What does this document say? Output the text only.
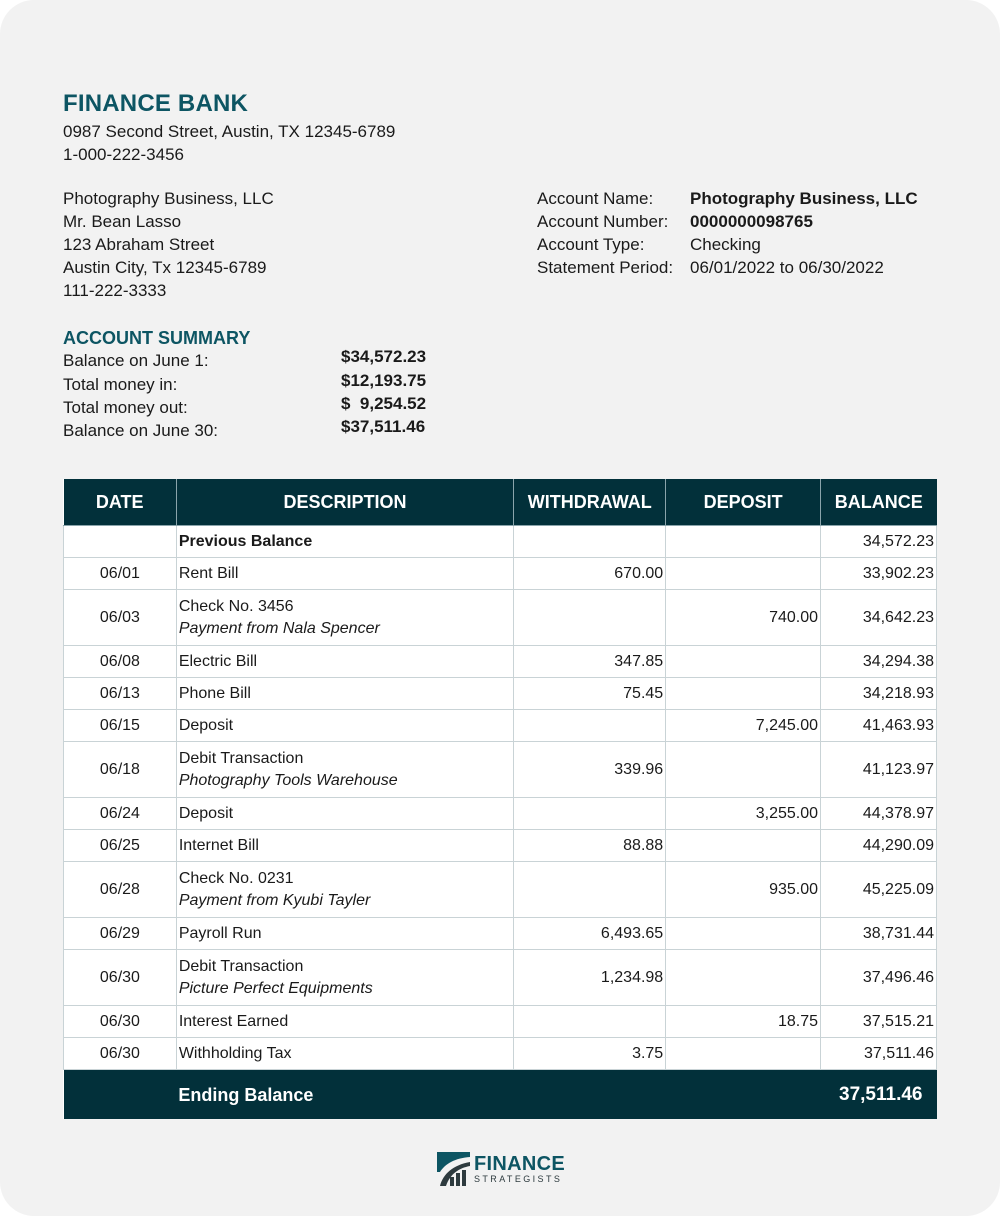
FINANCE BANK
0987 Second Street, Austin, TX 12345-6789
1-000-222-3456
Photography Business, LLC
Mr. Bean Lasso
123 Abraham Street
Austin City, Tx 12345-6789
111-222-3333
Account Name:	Photography Business, LLC
Account Number:	0000000098765
Account Type:	Checking
Statement Period: 06/01/2022 to 06/30/2022
ACCOUNT SUMMARY
Balance on June 1:	$34,572.23
Total money in:	$12,193.75
Total money out:	$  9,254.52
Balance on June 30:	$37,511.46
DATE	DESCRIPTION	WITHDRAWAL	DEPOSIT	BALANCE
	Previous Balance			34,572.23
06/01	Rent Bill	670.00		33,902.23
06/03	Check No. 3456
Payment from Nala Spencer		740.00	34,642.23
06/08	Electric Bill	347.85		34,294.38
06/13	Phone Bill	75.45		34,218.93
06/15	Deposit		7,245.00	41,463.93
06/18	Debit Transaction
Photography Tools Warehouse	339.96		41,123.97
06/24	Deposit		3,255.00	44,378.97
06/25	Internet Bill	88.88		44,290.09
06/28	Check No. 0231
Payment from Kyubi Tayler		935.00	45,225.09
06/29	Payroll Run	6,493.65		38,731.44
06/30	Debit Transaction
Picture Perfect Equipments	1,234.98		37,496.46
06/30	Interest Earned		18.75	37,515.21
06/30	Withholding Tax	3.75		37,511.46
	Ending Balance			37,511.46
FINANCE
STRATEGISTS
